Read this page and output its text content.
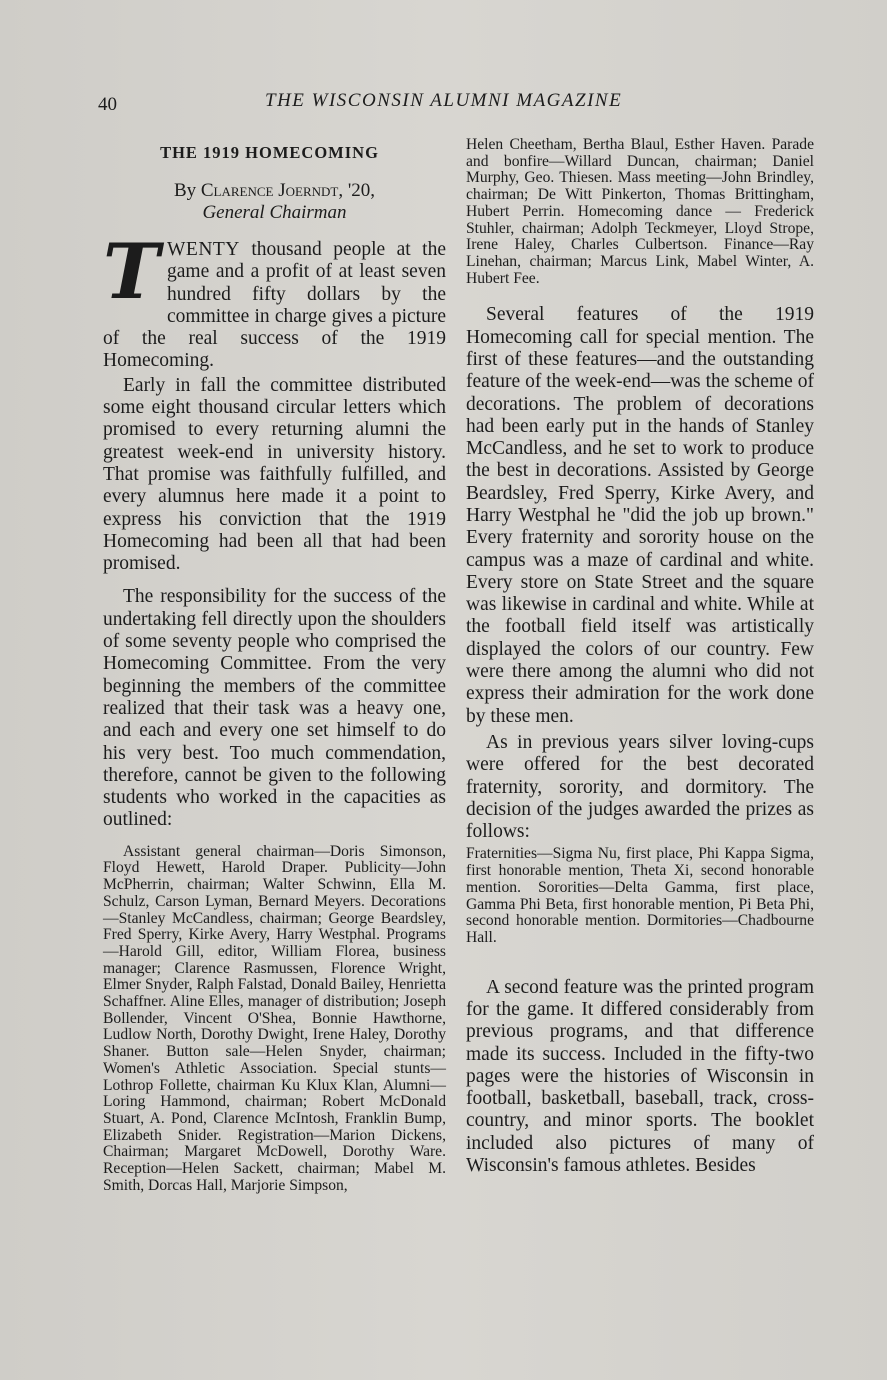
40	THE WISCONSIN ALUMNI MAGAZINE
THE 1919 HOMECOMING
By Clarence Joerndt, '20,
General Chairman

TWENTY thousand people at the game and a profit of at least seven hundred fifty dollars by the committee in charge gives a picture of the real success of the 1919 Homecoming.

Early in fall the committee distributed some eight thousand circular letters which promised to every returning alumni the greatest week-end in university history. That promise was faithfully fulfilled, and every alumnus here made it a point to express his conviction that the 1919 Homecoming had been all that had been promised.

The responsibility for the success of the undertaking fell directly upon the shoulders of some seventy people who comprised the Homecoming Committee. From the very beginning the members of the committee realized that their task was a heavy one, and each and every one set himself to do his very best. Too much commendation, therefore, cannot be given to the following students who worked in the capacities as outlined:

Assistant general chairman—Doris Simonson, Floyd Hewett, Harold Draper. Publicity—John McPherrin, chairman; Walter Schwinn, Ella M. Schulz, Carson Lyman, Bernard Meyers. Decorations—Stanley McCandless, chairman; George Beardsley, Fred Sperry, Kirke Avery, Harry Westphal. Programs—Harold Gill, editor, William Florea, business manager; Clarence Rasmussen, Florence Wright, Elmer Snyder, Ralph Falstad, Donald Bailey, Henrietta Schaffner. Aline Elles, manager of distribution; Joseph Bollender, Vincent O'Shea, Bonnie Hawthorne, Ludlow North, Dorothy Dwight, Irene Haley, Dorothy Shaner. Button sale—Helen Snyder, chairman; Women's Athletic Association. Special stunts—Lothrop Follette, chairman Ku Klux Klan, Alumni—Loring Hammond, chairman; Robert McDonald Stuart, A. Pond, Clarence McIntosh, Franklin Bump, Elizabeth Snider. Registration—Marion Dickens, Chairman; Margaret McDowell, Dorothy Ware. Reception—Helen Sackett, chairman; Mabel M. Smith, Dorcas Hall, Marjorie Simpson,

Helen Cheetham, Bertha Blaul, Esther Haven. Parade and bonfire—Willard Duncan, chairman; Daniel Murphy, Geo. Thiesen. Mass meeting—John Brindley, chairman; De Witt Pinkerton, Thomas Brittingham, Hubert Perrin. Homecoming dance — Frederick Stuhler, chairman; Adolph Teckmeyer, Lloyd Strope, Irene Haley, Charles Culbertson. Finance—Ray Linehan, chairman; Marcus Link, Mabel Winter, A. Hubert Fee.

Several features of the 1919 Homecoming call for special mention. The first of these features—and the outstanding feature of the week-end—was the scheme of decorations. The problem of decorations had been early put in the hands of Stanley McCandless, and he set to work to produce the best in decorations. Assisted by George Beardsley, Fred Sperry, Kirke Avery, and Harry Westphal he "did the job up brown." Every fraternity and sorority house on the campus was a maze of cardinal and white. Every store on State Street and the square was likewise in cardinal and white. While at the football field itself was artistically displayed the colors of our country. Few were there among the alumni who did not express their admiration for the work done by these men.

As in previous years silver loving-cups were offered for the best decorated fraternity, sorority, and dormitory. The decision of the judges awarded the prizes as follows:

Fraternities—Sigma Nu, first place, Phi Kappa Sigma, first honorable mention, Theta Xi, second honorable mention. Sororities—Delta Gamma, first place, Gamma Phi Beta, first honorable mention, Pi Beta Phi, second honorable mention. Dormitories—Chadbourne Hall.

A second feature was the printed program for the game. It differed considerably from previous programs, and that difference made its success. Included in the fifty-two pages were the histories of Wisconsin in football, basketball, baseball, track, cross-country, and minor sports. The booklet included also pictures of many of Wisconsin's famous athletes. Besides
